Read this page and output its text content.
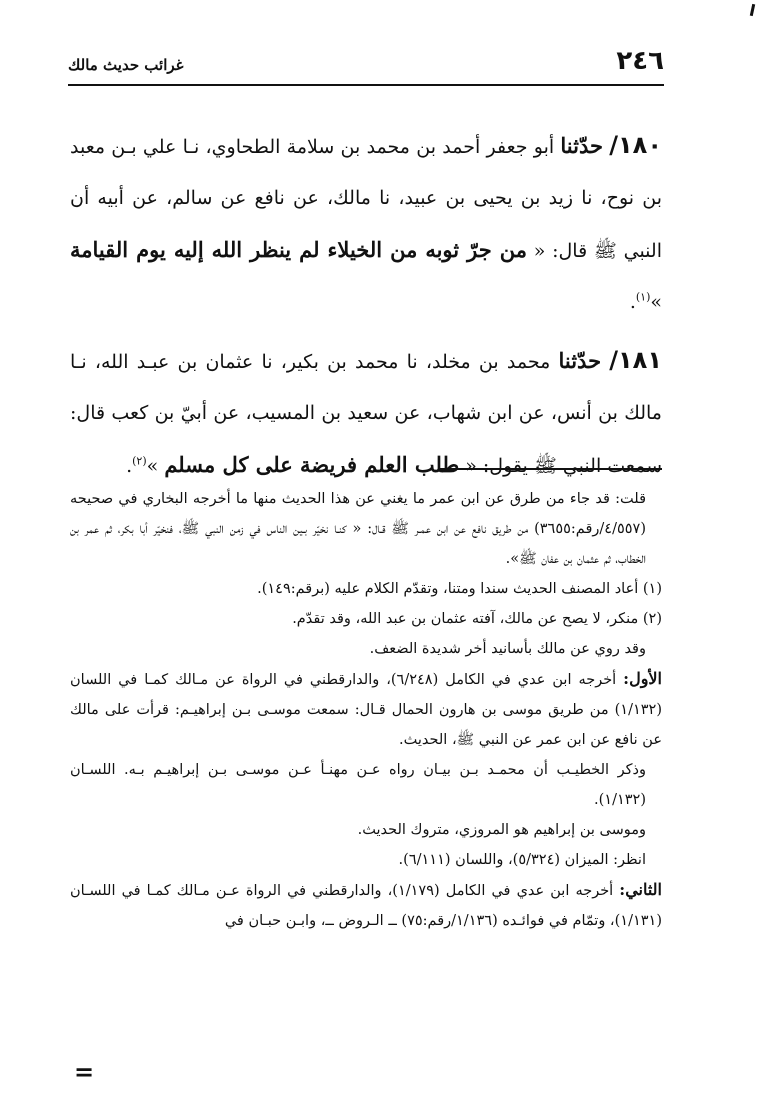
٢٤٦
غرائب حديث مالك

١٨٠/ حدّثنا أبو جعفر أحمد بن محمد بن سلامة الطحاوي، نـا علي بـن معبد بن نوح، نا زيد بن يحيى بن عبيد، نا مالك، عن نافع عن سالم، عن أبيه أن النبي ﷺ قال: « من جرّ ثوبه من الخيلاء لم ينظر الله إليه يوم القيامة »$^{(١)}$.

١٨١/ حدّثنا محمد بن مخلد، نا محمد بن بكير، نا عثمان بن عبـد الله، نـا مالك بن أنس، عن ابن شهاب، عن سعيد بن المسيب، عن أبيّ بن كعب قال: سمعت النبي ﷺ يقول: « طلب العلم فريضة على كل مسلم »$^{(٢)}$.

قلت: قد جاء من طرق عن ابن عمر ما يغني عن هذا الحديث منها ما أخرجه البخاري في صحيحه (٤/٥٥٧/رقم:٣٦٥٥) من طريق نافع عن ابن عمـر ﷺ قـال: « كنـا نخيّر بـين الناس في زمن النبي ﷺ، فنخيّر أبا بكر، ثم عمر بن الخطاب، ثم عثمان بن عفان ﷺ».

(١) أعاد المصنف الحديث سندا ومتنا، وتقدّم الكلام عليه (برقم:١٤٩).

(٢) منكر، لا يصح عن مالك، آفته عثمان بن عبد الله، وقد تقدّم.

وقد روي عن مالك بأسانيد أخر شديدة الضعف.

الأول: أخرجه ابن عدي في الكامل (٦/٢٤٨)، والدارقطني في الرواة عن مـالك كمـا في اللسان (١/١٣٢) من طريق موسى بن هارون الحمال قـال: سمعت موسـى بـن إبراهيـم: قرأت على مالك عن نافع عن ابن عمر عن النبي ﷺ، الحديث.

وذكر الخطيـب أن محمـد بـن بيـان رواه عـن مهنـأ عـن موسـى بـن إبراهيـم بـه. اللسـان (١/١٣٢).

وموسى بن إبراهيم هو المروزي، متروك الحديث.

انظر: الميزان (٥/٣٢٤)، واللسان (٦/١١١).

الثاني: أخرجه ابن عدي في الكامل (١/١٧٩)، والدارقطني في الرواة عـن مـالك كمـا في اللسـان (١/١٣١)، وتمّام في فوائـده (١/١٣٦/رقم:٧٥) ــ الـروض ــ، وابـن حبـان في

=
